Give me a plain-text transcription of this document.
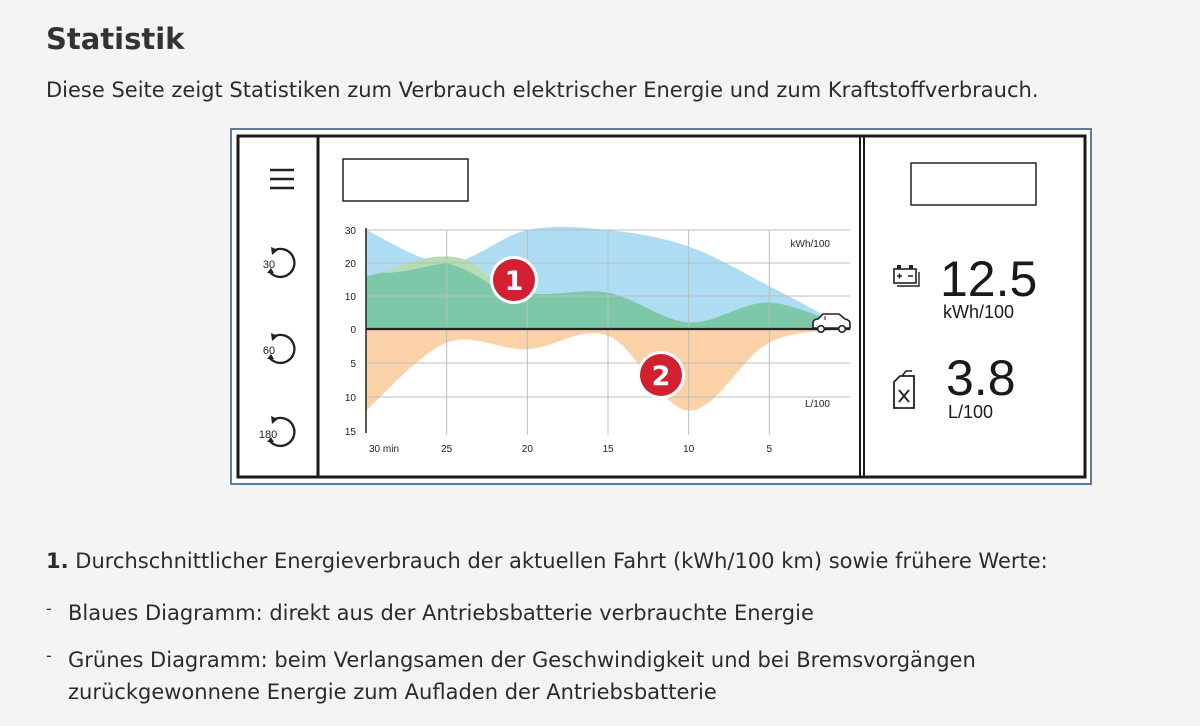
Statistik
Diese Seite zeigt Statistiken zum Verbrauch elektrischer Energie und zum Kraftstoffverbrauch.
30
60
180
30
20
10
0
5
10
15
30 min	25	20	15	10	5
kWh/100
L/100
1
2
12.5
kWh/100
3.8
L/100
1. Durchschnittlicher Energieverbrauch der aktuellen Fahrt (kWh/100 km) sowie frühere Werte:
- Blaues Diagramm: direkt aus der Antriebsbatterie verbrauchte Energie
- Grünes Diagramm: beim Verlangsamen der Geschwindigkeit und bei Bremsvorgängen zurückgewonnene Energie zum Aufladen der Antriebsbatterie
